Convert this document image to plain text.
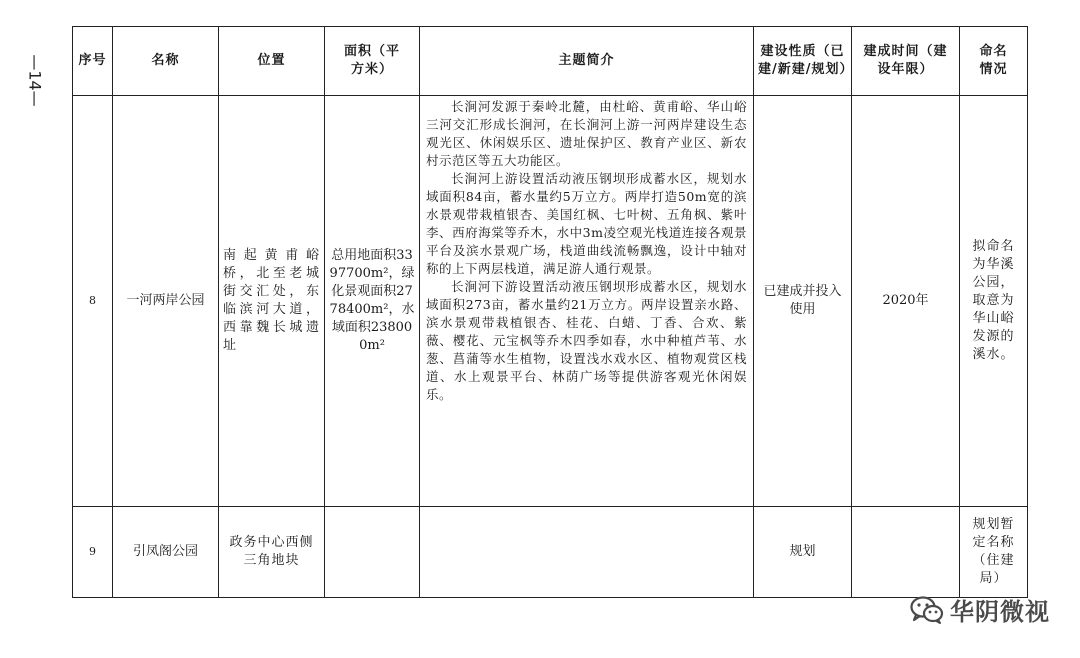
—14—	序号	名称	位置	面积（平方米）	主题简介	建设性质（已建/新建/规划）	建成时间（建设年限）	命名情况
8	一河两岸公园	南起黄甫峪桥，北至老城街交汇处，东临滨河大道，西靠魏长城遗址	总用地面积3397700m²，绿化景观面积2778400m²，水域面积238000m²	长涧河发源于秦岭北麓，由杜峪、黄甫峪、华山峪三河交汇形成长涧河，在长涧河上游一河两岸建设生态观光区、休闲娱乐区、遗址保护区、教育产业区、新农村示范区等五大功能区。

长涧河上游设置活动液压钢坝形成蓄水区，规划水域面积84亩，蓄水量约5万立方。两岸打造50m宽的滨水景观带栽植银杏、美国红枫、七叶树、五角枫、紫叶李、西府海棠等乔木，水中3m凌空观光栈道连接各观景平台及滨水景观广场，栈道曲线流畅飘逸，设计中轴对称的上下两层栈道，满足游人通行观景。

长涧河下游设置活动液压钢坝形成蓄水区，规划水域面积273亩，蓄水量约21万立方。两岸设置亲水路、滨水景观带栽植银杏、桂花、白蜡、丁香、合欢、紫薇、樱花、元宝枫等乔木四季如春，水中种植芦苇、水葱、菖蒲等水生植物，设置浅水戏水区、植物观赏区栈道、水上观景平台、林荫广场等提供游客观光休闲娱乐。	已建成并投入使用	2020年	拟命名为华溪公园，取意为华山峪发源的溪水。
9	引凤阁公园	政务中心西侧三角地块			规划		规划暂定名称（住建局）
华阴微视
